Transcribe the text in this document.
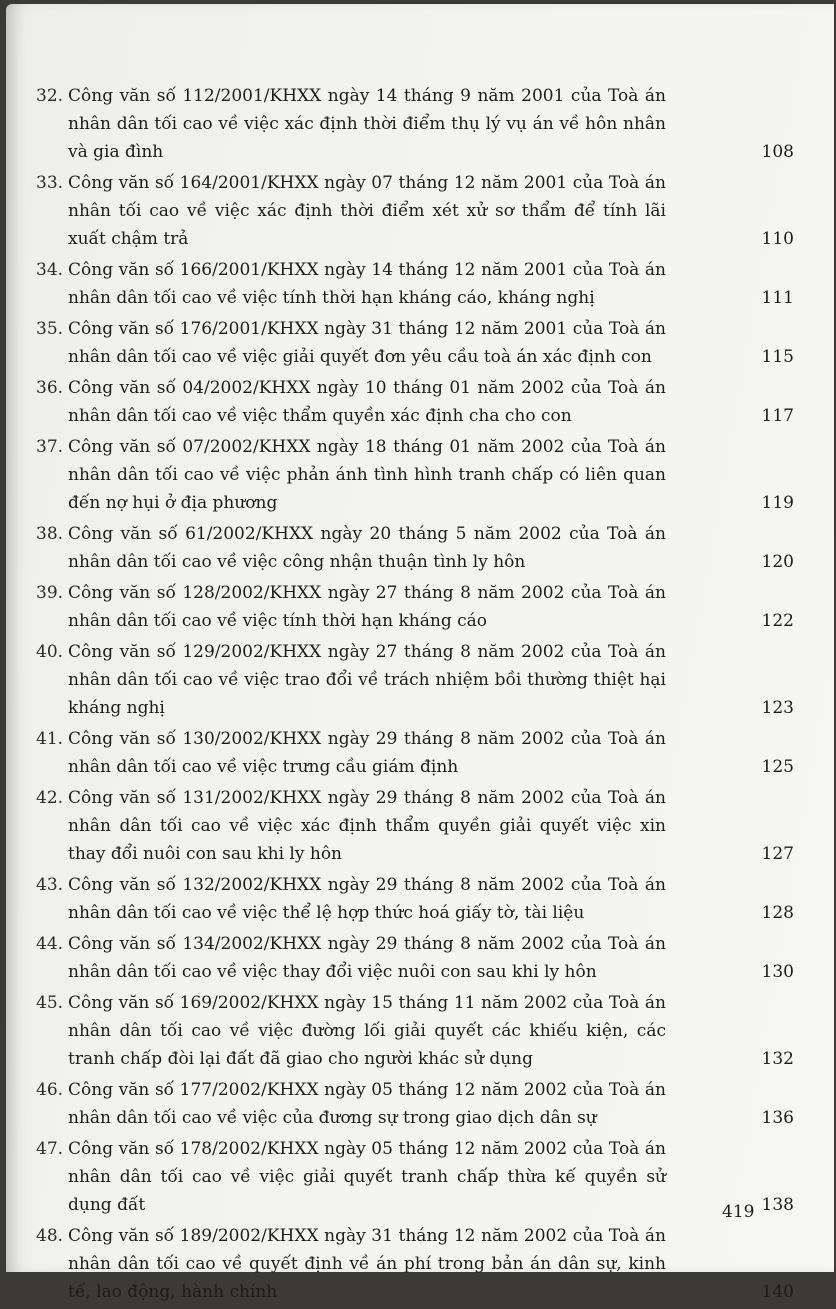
32. Công văn số 112/2001/KHXX ngày 14 tháng 9 năm 2001 của Toà án nhân dân tối cao về việc xác định thời điểm thụ lý vụ án về hôn nhân và gia đình	108
33. Công văn số 164/2001/KHXX ngày 07 tháng 12 năm 2001 của Toà án nhân tối cao về việc xác định thời điểm xét xử sơ thẩm để tính lãi xuất chậm trả	110
34. Công văn số 166/2001/KHXX ngày 14 tháng 12 năm 2001 của Toà án nhân dân tối cao về việc tính thời hạn kháng cáo, kháng nghị	111
35. Công văn số 176/2001/KHXX ngày 31 tháng 12 năm 2001 của Toà án nhân dân tối cao về việc giải quyết đơn yêu cầu toà án xác định con	115
36. Công văn số 04/2002/KHXX ngày 10 tháng 01 năm 2002 của Toà án nhân dân tối cao về việc thẩm quyền xác định cha cho con	117
37. Công văn số 07/2002/KHXX ngày 18 tháng 01 năm 2002 của Toà án nhân dân tối cao về việc phản ánh tình hình tranh chấp có liên quan đến nợ hụi ở địa phương	119
38. Công văn số 61/2002/KHXX ngày 20 tháng 5 năm 2002 của Toà án nhân dân tối cao về việc công nhận thuận tình ly hôn	120
39. Công văn số 128/2002/KHXX ngày 27 tháng 8 năm 2002 của Toà án nhân dân tối cao về việc tính thời hạn kháng cáo	122
40. Công văn số 129/2002/KHXX ngày 27 tháng 8 năm 2002 của Toà án nhân dân tối cao về việc trao đổi về trách nhiệm bồi thường thiệt hại kháng nghị	123
41. Công văn số 130/2002/KHXX ngày 29 tháng 8 năm 2002 của Toà án nhân dân tối cao về việc trưng cầu giám định	125
42. Công văn số 131/2002/KHXX ngày 29 tháng 8 năm 2002 của Toà án nhân dân tối cao về việc xác định thẩm quyền giải quyết việc xin thay đổi nuôi con sau khi ly hôn	127
43. Công văn số 132/2002/KHXX ngày 29 tháng 8 năm 2002 của Toà án nhân dân tối cao về việc thể lệ hợp thức hoá giấy tờ, tài liệu	128
44. Công văn số 134/2002/KHXX ngày 29 tháng 8 năm 2002 của Toà án nhân dân tối cao về việc thay đổi việc nuôi con sau khi ly hôn	130
45. Công văn số 169/2002/KHXX ngày 15 tháng 11 năm 2002 của Toà án nhân dân tối cao về việc đường lối giải quyết các khiếu kiện, các tranh chấp đòi lại đất đã giao cho người khác sử dụng	132
46. Công văn số 177/2002/KHXX ngày 05 tháng 12 năm 2002 của Toà án nhân dân tối cao về việc của đương sự trong giao dịch dân sự	136
47. Công văn số 178/2002/KHXX ngày 05 tháng 12 năm 2002 của Toà án nhân dân tối cao về việc giải quyết tranh chấp thừa kế quyền sử dụng đất	138
48. Công văn số 189/2002/KHXX ngày 31 tháng 12 năm 2002 của Toà án nhân dân tối cao về quyết định về án phí trong bản án dân sự, kinh tế, lao động, hành chính	140
419
